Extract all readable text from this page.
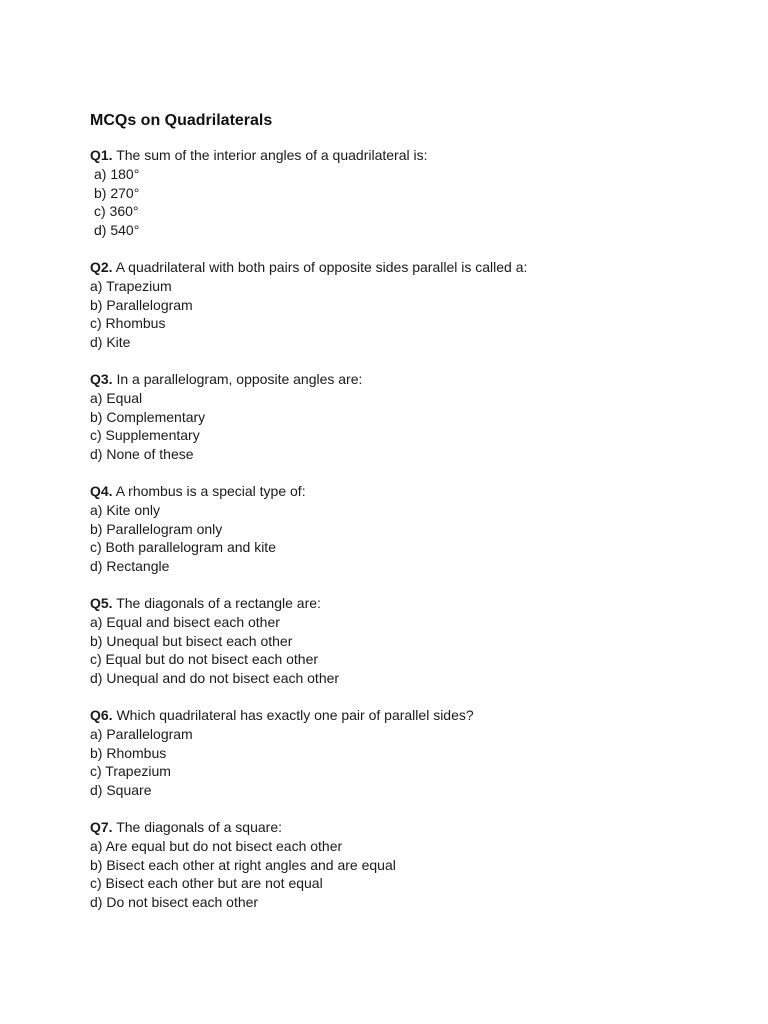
MCQs on Quadrilaterals
Q1. The sum of the interior angles of a quadrilateral is:
a) 180°
b) 270°
c) 360°
d) 540°
Q2. A quadrilateral with both pairs of opposite sides parallel is called a:
a) Trapezium
b) Parallelogram
c) Rhombus
d) Kite
Q3. In a parallelogram, opposite angles are:
a) Equal
b) Complementary
c) Supplementary
d) None of these
Q4. A rhombus is a special type of:
a) Kite only
b) Parallelogram only
c) Both parallelogram and kite
d) Rectangle
Q5. The diagonals of a rectangle are:
a) Equal and bisect each other
b) Unequal but bisect each other
c) Equal but do not bisect each other
d) Unequal and do not bisect each other
Q6. Which quadrilateral has exactly one pair of parallel sides?
a) Parallelogram
b) Rhombus
c) Trapezium
d) Square
Q7. The diagonals of a square:
a) Are equal but do not bisect each other
b) Bisect each other at right angles and are equal
c) Bisect each other but are not equal
d) Do not bisect each other
